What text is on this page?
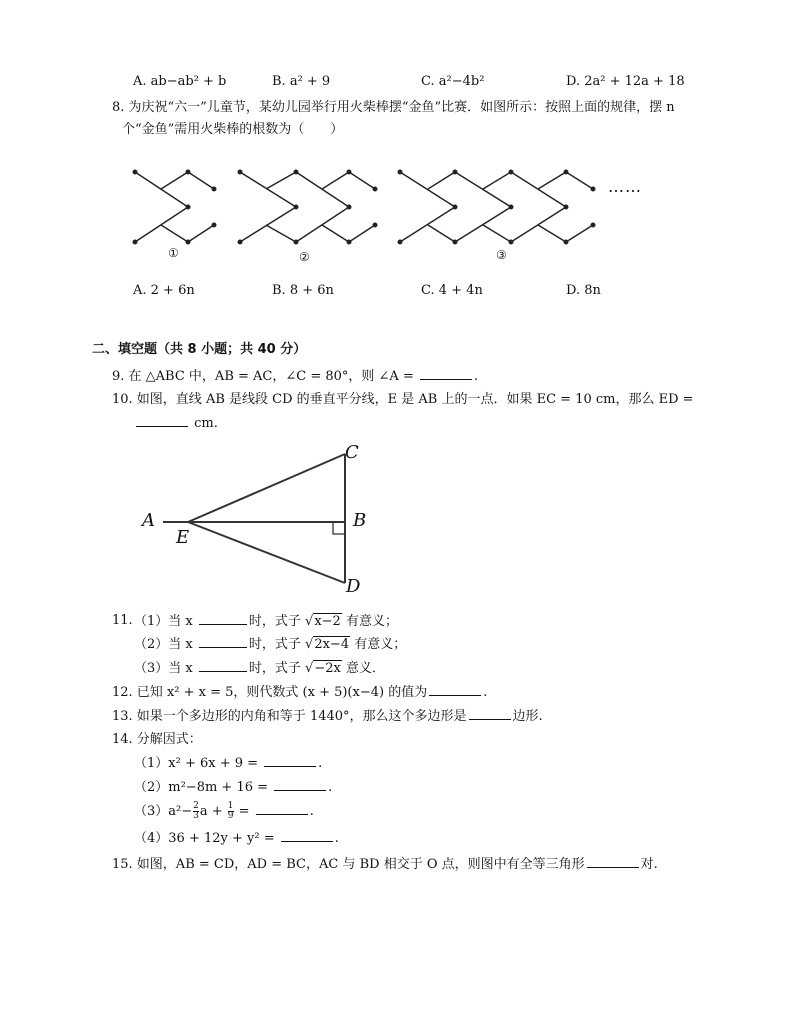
A. ab−ab² + b	B. a² + 9	C. a²−4b²	D. 2a² + 12a + 18
8. 为庆祝“六一”儿童节，某幼儿园举行用火柴棒摆“金鱼”比赛．如图所示：按照上面的规律，摆 n
个“金鱼”需用火柴棒的根数为（　　）
……
①	②	③
A. 2 + 6n	B. 8 + 6n	C. 4 + 4n	D. 8n
二、填空题（共 8 小题；共 40 分）
9. 在 △ABC 中，AB = AC，∠C = 80°，则 ∠A =	.
10. 如图，直线 AB 是线段 CD 的垂直平分线，E 是 AB 上的一点．如果 EC = 10 cm，那么 ED =
cm.
C
A	B
E
D
11. （1）当 x	时，式子 √x−2 有意义；
（2）当 x	时，式子 √2x−4 有意义；
（3）当 x	时，式子 √−2x 意义．
12. 已知 x² + x = 5，则代数式 (x + 5)(x−4) 的值为	.
13. 如果一个多边形的内角和等于 1440°，那么这个多边形是	边形.
14. 分解因式：
（1）x² + 6x + 9 =	.
（2）m²−8m + 16 =	.
$(3)a^2- \frac{2}{3}$ $a + \frac{1}{9}$ =	.
（4）36 + 12y + y² =	.
15. 如图，AB = CD，AD = BC，AC 与 BD 相交于 O 点，则图中有全等三角形	对.
